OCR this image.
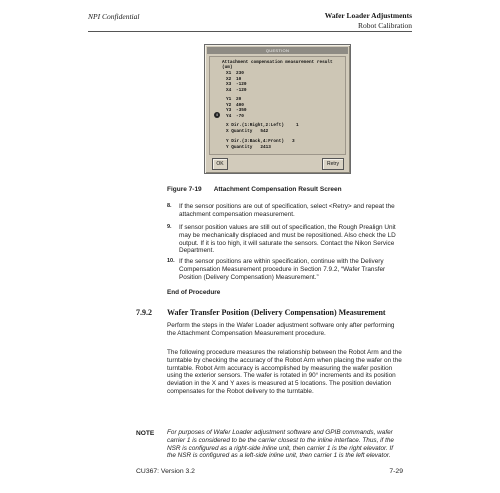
NPI Confidential	Wafer Loader Adjustments
Robot Calibration
QUESTION
Attachment compensation measurement result (um)
X1 230
X2 10
X3 -120
X4 -120
Y1 20
Y2 400
Y3 -350
Y4 -70
i
X Dir.(1:Right,2:Left)	1
X Quantity 542
Y Dir.(3:Back,4:Front) 3
Y Quantity 2413
OK	Retry
Figure 7-19 Attachment Compensation Result Screen
8. If the sensor positions are out of specification, select <Retry> and repeat the attachment compensation measurement.
9. If sensor position values are still out of specification, the Rough Prealign Unit may be mechanically displaced and must be repositioned. Also check the LD output. If it is too high, it will saturate the sensors. Contact the Nikon Service Department.
10. If the sensor positions are within specification, continue with the Delivery Compensation Measurement procedure in Section 7.9.2, “Wafer Transfer Position (Delivery Compensation) Measurement.”
End of Procedure
7.9.2 Wafer Transfer Position (Delivery Compensation) Measurement
Perform the steps in the Wafer Loader adjustment software only after performing the Attachment Compensation Measurement procedure.
The following procedure measures the relationship between the Robot Arm and the turntable by checking the accuracy of the Robot Arm when placing the wafer on the turntable. Robot Arm accuracy is accomplished by measuring the wafer position using the exterior sensors. The wafer is rotated in 90° increments and its position deviation in the X and Y axes is measured at 5 locations. The position deviation compensates for the Robot delivery to the turntable.
NOTE For purposes of Wafer Loader adjustment software and GPIB commands, wafer carrier 1 is considered to be the carrier closest to the inline interface. Thus, if the NSR is configured as a right-side inline unit, then carrier 1 is the right elevator. If the NSR is configured as a left-side inline unit, then carrier 1 is the left elevator.
CU367: Version 3.2	7-29
